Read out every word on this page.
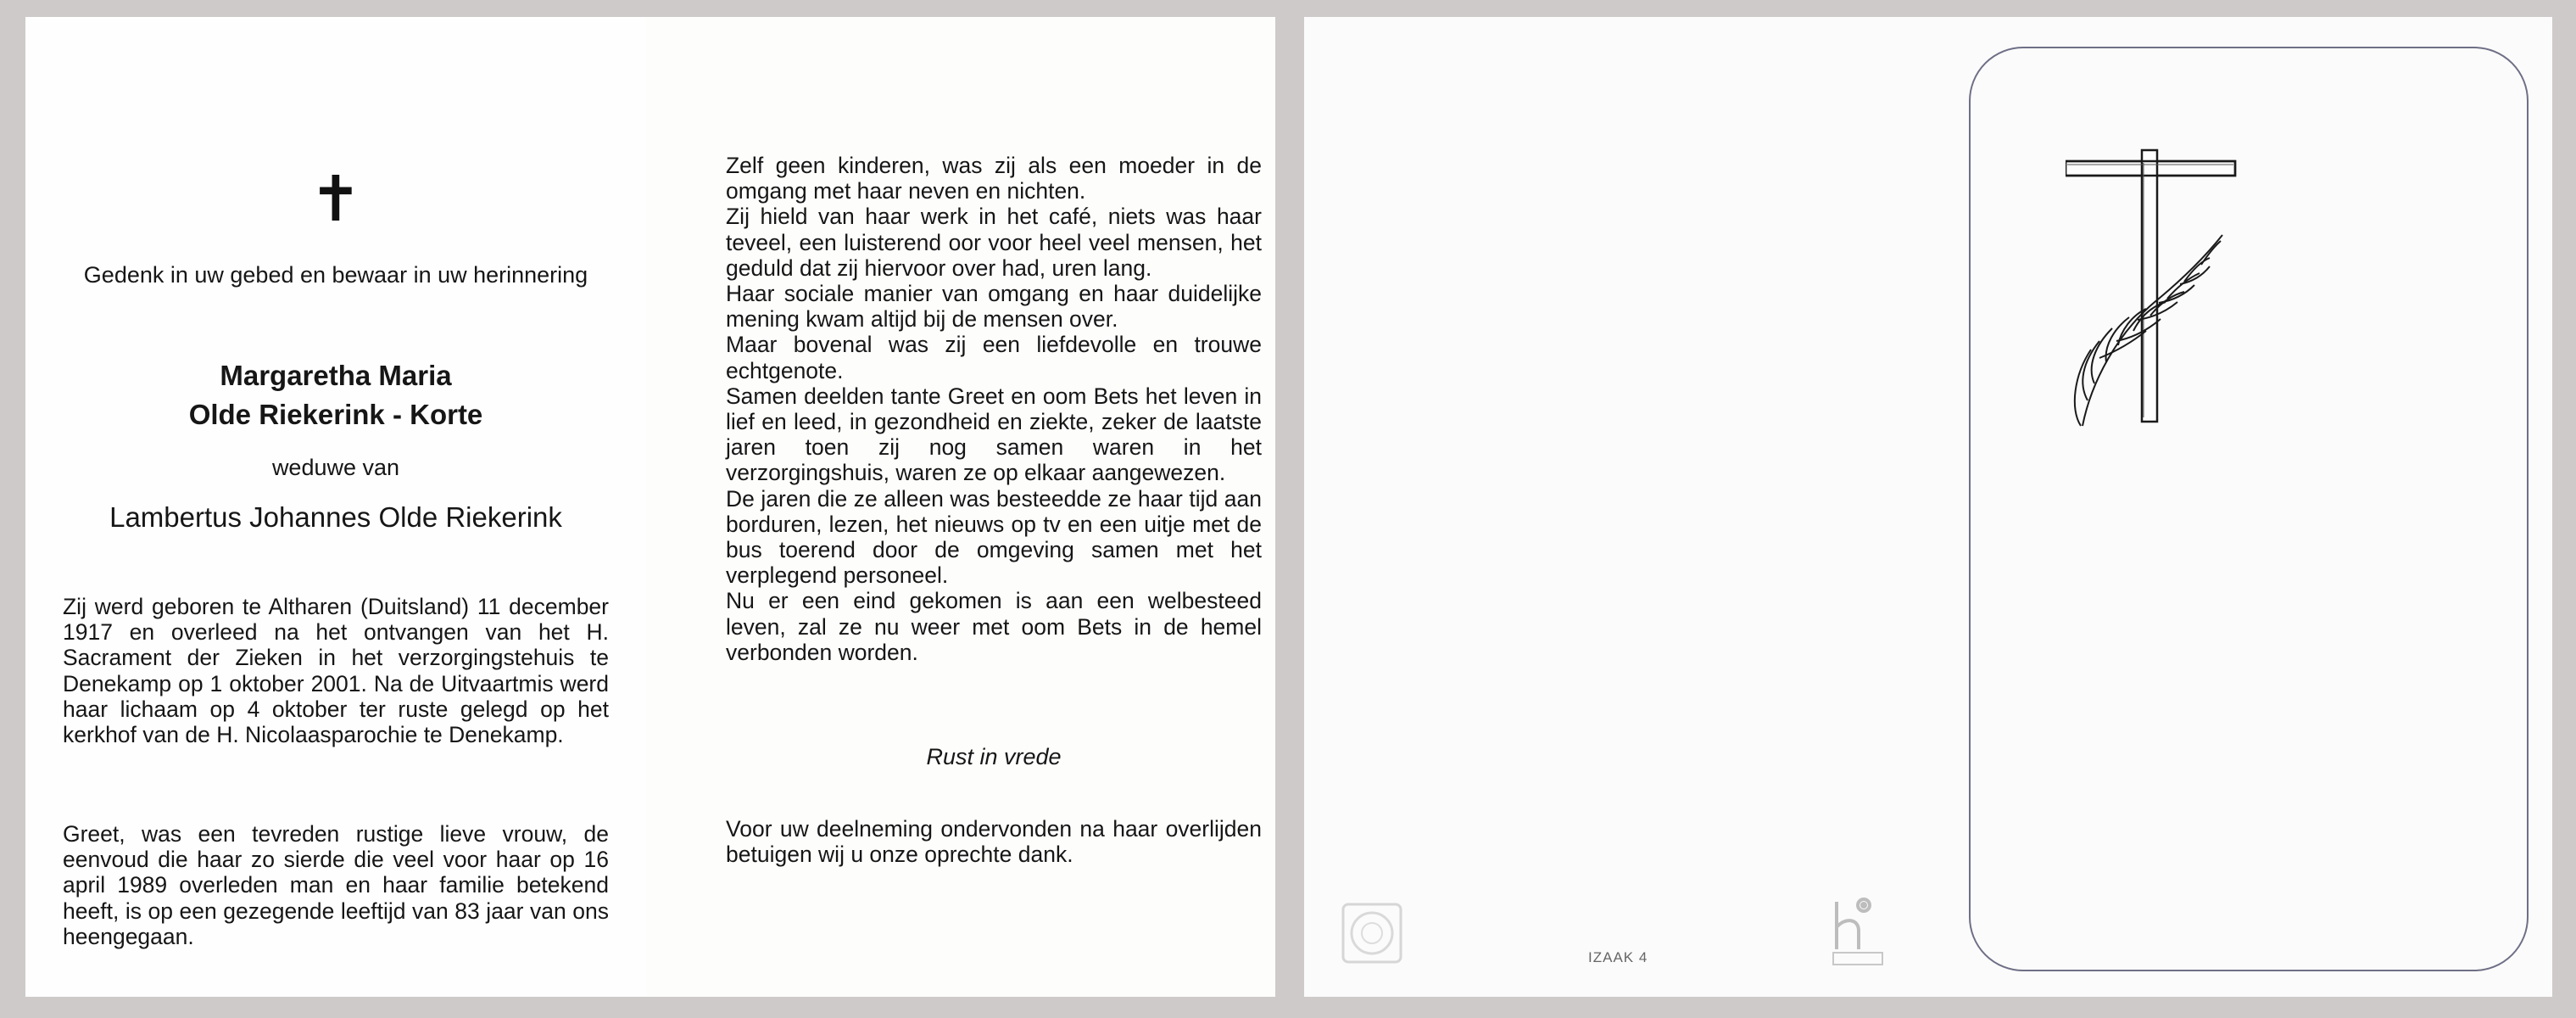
✝
Gedenk in uw gebed en bewaar in uw herinnering
Margaretha Maria
Olde Riekerink - Korte
weduwe van
Lambertus Johannes Olde Riekerink

Zij werd geboren te Altharen (Duitsland) 11 december 1917 en overleed na het ontvangen van het H. Sacrament der Zieken in het verzorgingstehuis te Denekamp op 1 oktober 2001. Na de Uitvaartmis werd haar lichaam op 4 oktober ter ruste gelegd op het kerkhof van de H. Nicolaasparochie te Denekamp.

Greet, was een tevreden rustige lieve vrouw, de eenvoud die haar zo sierde die veel voor haar op 16 april 1989 overleden man en haar familie betekend heeft, is op een gezegende leeftijd van 83 jaar van ons heengegaan.

Zelf geen kinderen, was zij als een moeder in de omgang met haar neven en nichten.

Zij hield van haar werk in het café, niets was haar teveel, een luisterend oor voor heel veel mensen, het geduld dat zij hiervoor over had, uren lang.

Haar sociale manier van omgang en haar duidelijke mening kwam altijd bij de mensen over.

Maar bovenal was zij een liefdevolle en trouwe echtgenote.

Samen deelden tante Greet en oom Bets het leven in lief en leed, in gezondheid en ziekte, zeker de laatste jaren toen zij nog samen waren in het verzorgingshuis, waren ze op elkaar aangewezen.

De jaren die ze alleen was besteedde ze haar tijd aan borduren, lezen, het nieuws op tv en een uitje met de bus toerend door de omgeving samen met het verplegend personeel.

Nu er een eind gekomen is aan een welbesteed leven, zal ze nu weer met oom Bets in de hemel verbonden worden.

Rust in vrede

Voor uw deelneming ondervonden na haar overlijden betuigen wij u onze oprechte dank.

IZAAK 4
